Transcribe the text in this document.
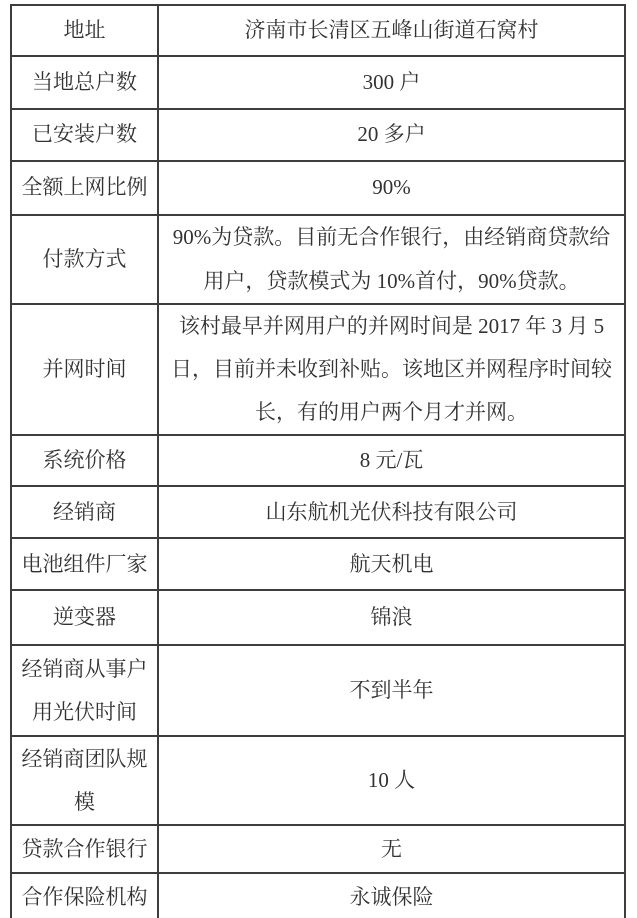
地址	济南市长清区五峰山街道石窝村
当地总户数	300 户
已安装户数	20 多户
全额上网比例	90%
付款方式	90%为贷款。目前无合作银行，由经销商贷款给用户，贷款模式为 10%首付，90%贷款。
并网时间	该村最早并网用户的并网时间是 2017 年 3 月 5 日，目前并未收到补贴。该地区并网程序时间较长，有的用户两个月才并网。
系统价格	8 元/瓦
经销商	山东航机光伏科技有限公司
电池组件厂家	航天机电
逆变器	锦浪
经销商从事户用光伏时间	不到半年
经销商团队规模	10 人
贷款合作银行	无
合作保险机构	永诚保险
